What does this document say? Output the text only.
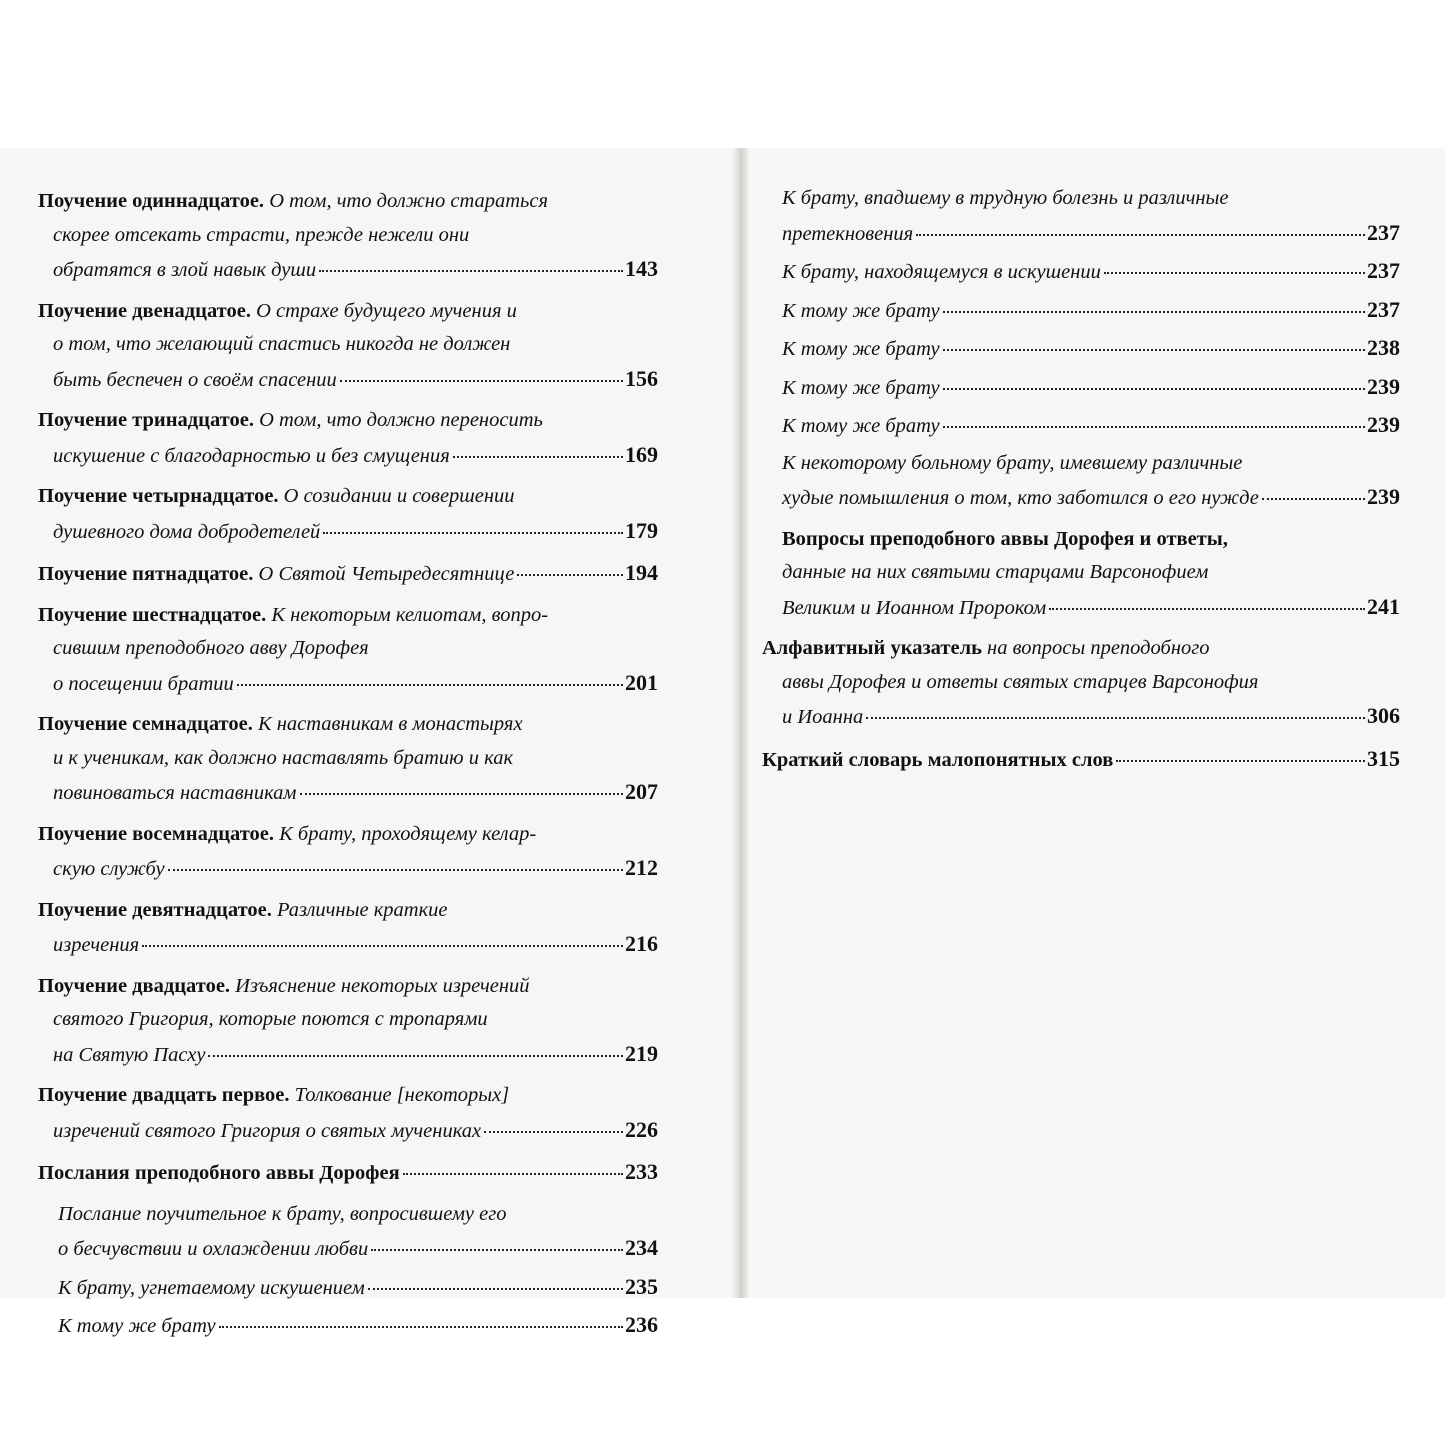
Поучение одиннадцатое.
О том, что должно стараться
скорее отсекать страсти, прежде нежели они
обратятся в злой навык души	143
Поучение двенадцатое.
О страхе будущего мучения и
о том, что желающий спастись никогда не должен
быть беспечен о своём спасении	156
Поучение тринадцатое.
О том, что должно переносить
искушение с благодарностью и без смущения	169
Поучение четырнадцатое.
О созидании и совершении
душевного дома добродетелей	179
Поучение пятнадцатое.
О Святой Четыредесятнице	194
Поучение шестнадцатое.
К некоторым келиотам, вопро-
сившим преподобного авву Дорофея
о посещении братии	201
Поучение семнадцатое.
К наставникам в монастырях
и к ученикам, как должно наставлять братию и как
повиноваться наставникам	207
Поучение восемнадцатое.
К брату, проходящему келар-
скую службу	212
Поучение девятнадцатое.
Различные краткие
изречения	216
Поучение двадцатое.
Изъяснение некоторых изречений
святого Григория, которые поются с тропарями
на Святую Пасху	219
Поучение двадцать первое.
Толкование [некоторых]
изречений святого Григория о святых мучениках	226
Послания преподобного аввы Дорофея	233
Послание поучительное к брату, вопросившему его
о бесчувствии и охлаждении любви	234
К брату, угнетаемому искушением	235
К тому же брату	236
К брату, впадшему в трудную болезнь и различные
претекновения	237
К брату, находящемуся в искушении	237
К тому же брату	237
К тому же брату	238
К тому же брату	239
К тому же брату	239
К некоторому больному брату, имевшему различные
худые помышления о том, кто заботился о его нужде	239
Вопросы преподобного аввы Дорофея и ответы,
данные на них святыми старцами Варсонофием
Великим и Иоанном Пророком	241
Алфавитный указатель
на вопросы преподобного
аввы Дорофея и ответы святых старцев Варсонофия
и Иоанна	306
Краткий словарь малопонятных слов	315
